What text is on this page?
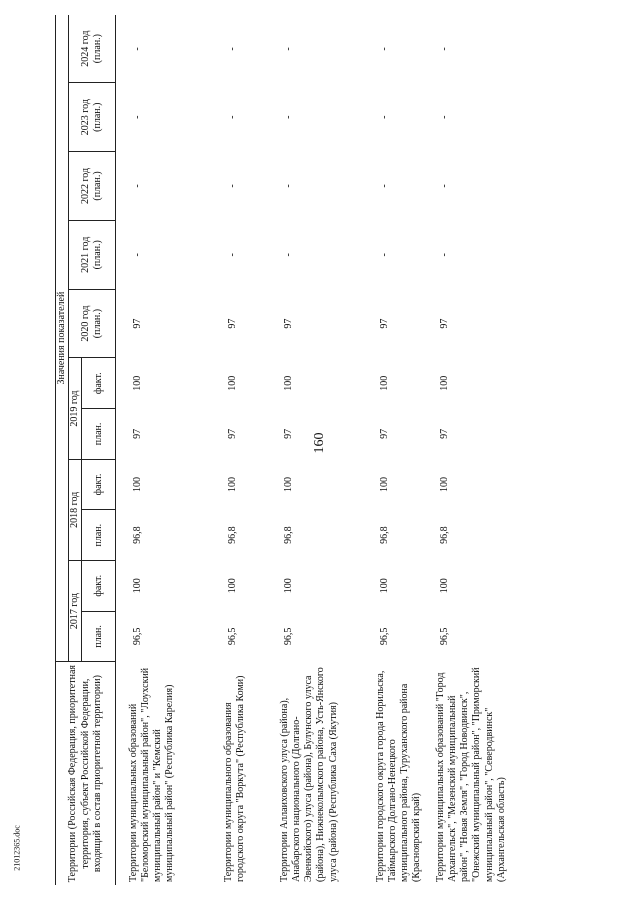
160
21012365.doc	Территории (Российская Федерация, приоритетная территория, субъект Российской Федерации, входящий в состав приоритетной территории)	Значения показателей										
	2017 год		2018 год		2019 год		2020 год (план.)	2021 год (план.)	2022 год (план.)	2023 год (план.)	2024 год (план.)
	план.	факт.	план.	факт.	план.	факт.					

Территории муниципальных образований "Беломорский муниципальный район", "Лоухский муниципальный район" и "Кемский муниципальный район" (Республика Карелия)	96,5	100	96,8	100	97	100	97	-	-	-	-
Территории муниципального образования городского округа "Воркута" (Республика Коми)	96,5	100	96,8	100	97	100	97	-	-	-	-
Территории Аллаиховского улуса (района), Анабарского национального (Долгано-Эвенкийского) улуса (района), Булунского улуса (района), Нижнеколымского района, Усть-Янского улуса (района) (Республика Саха (Якутия)	96,5	100	96,8	100	97	100	97	-	-	-	-
Территории городского округа города Норильска, Таймырского Долгано-Ненецкого муниципального района, Туруханского района (Красноярский край)	96,5	100	96,8	100	97	100	97	-	-	-	-
Территории муниципальных образований "Город Архангельск", "Мезенский муниципальный район", "Новая Земля", "Город Новодвинск", "Онежский муниципальный район", "Приморский муниципальный район", "Северодвинск" (Архангельская область)	96,5	100	96,8	100	97	100	97	-	-	-	-
